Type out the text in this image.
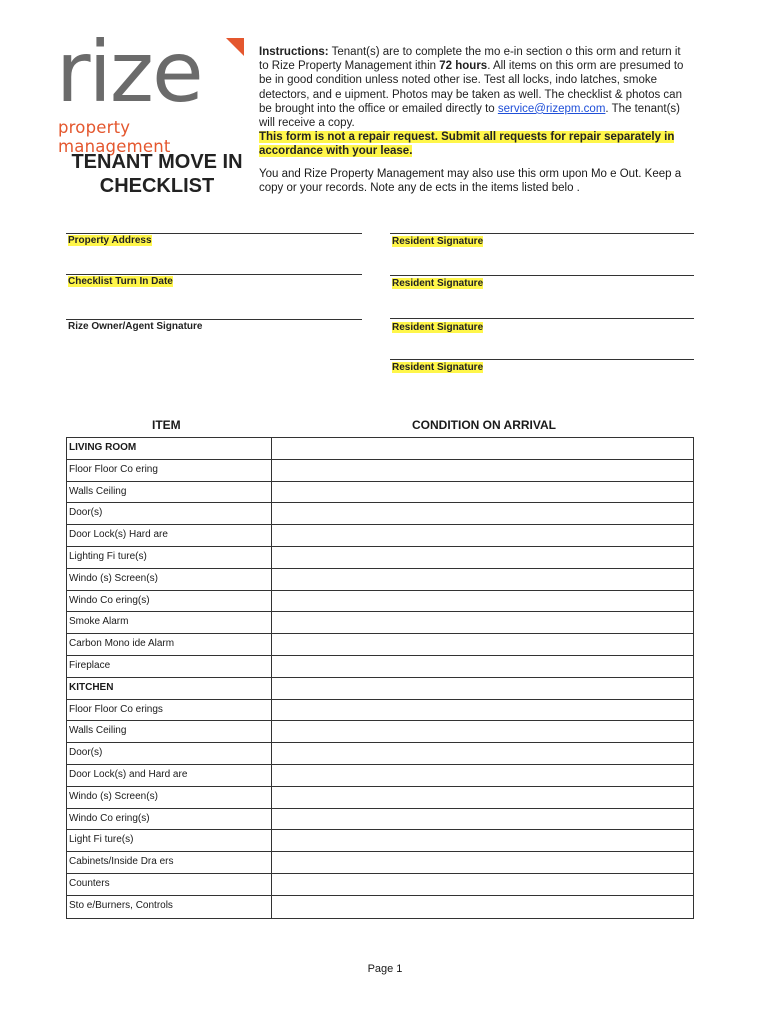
rize
property management
TENANT MOVE IN CHECKLIST

Instructions: Tenant(s) are to complete the mo e-in section o this orm and return it to Rize Property Management ithin 72 hours. All items on this orm are presumed to be in good condition unless noted other ise. Test all locks, indo latches, smoke detectors, and e uipment. Photos may be taken as well. The checklist & photos can be brought into the office or emailed directly to service@rizepm.com. The tenant(s) will receive a copy.

This form is not a repair request. Submit all requests for repair separately in accordance with your lease.

You and Rize Property Management may also use this orm upon Mo e Out. Keep a copy or your records. Note any de ects in the items listed belo .
Property Address
Checklist Turn In Date
Rize Owner/Agent Signature
Resident Signature
Resident Signature
Resident Signature
Resident Signature
ITEM	CONDITION ON ARRIVAL
LIVING ROOM
Floor Floor Co ering
Walls Ceiling
Door(s)
Door Lock(s) Hard are
Lighting Fi ture(s)
Windo (s) Screen(s)
Windo Co ering(s)
Smoke Alarm
Carbon Mono ide Alarm
Fireplace
KITCHEN
Floor Floor Co erings
Walls Ceiling
Door(s)
Door Lock(s) and Hard are
Windo (s) Screen(s)
Windo Co ering(s)
Light Fi ture(s)
Cabinets/Inside Dra ers
Counters
Sto e/Burners, Controls
Page 1
